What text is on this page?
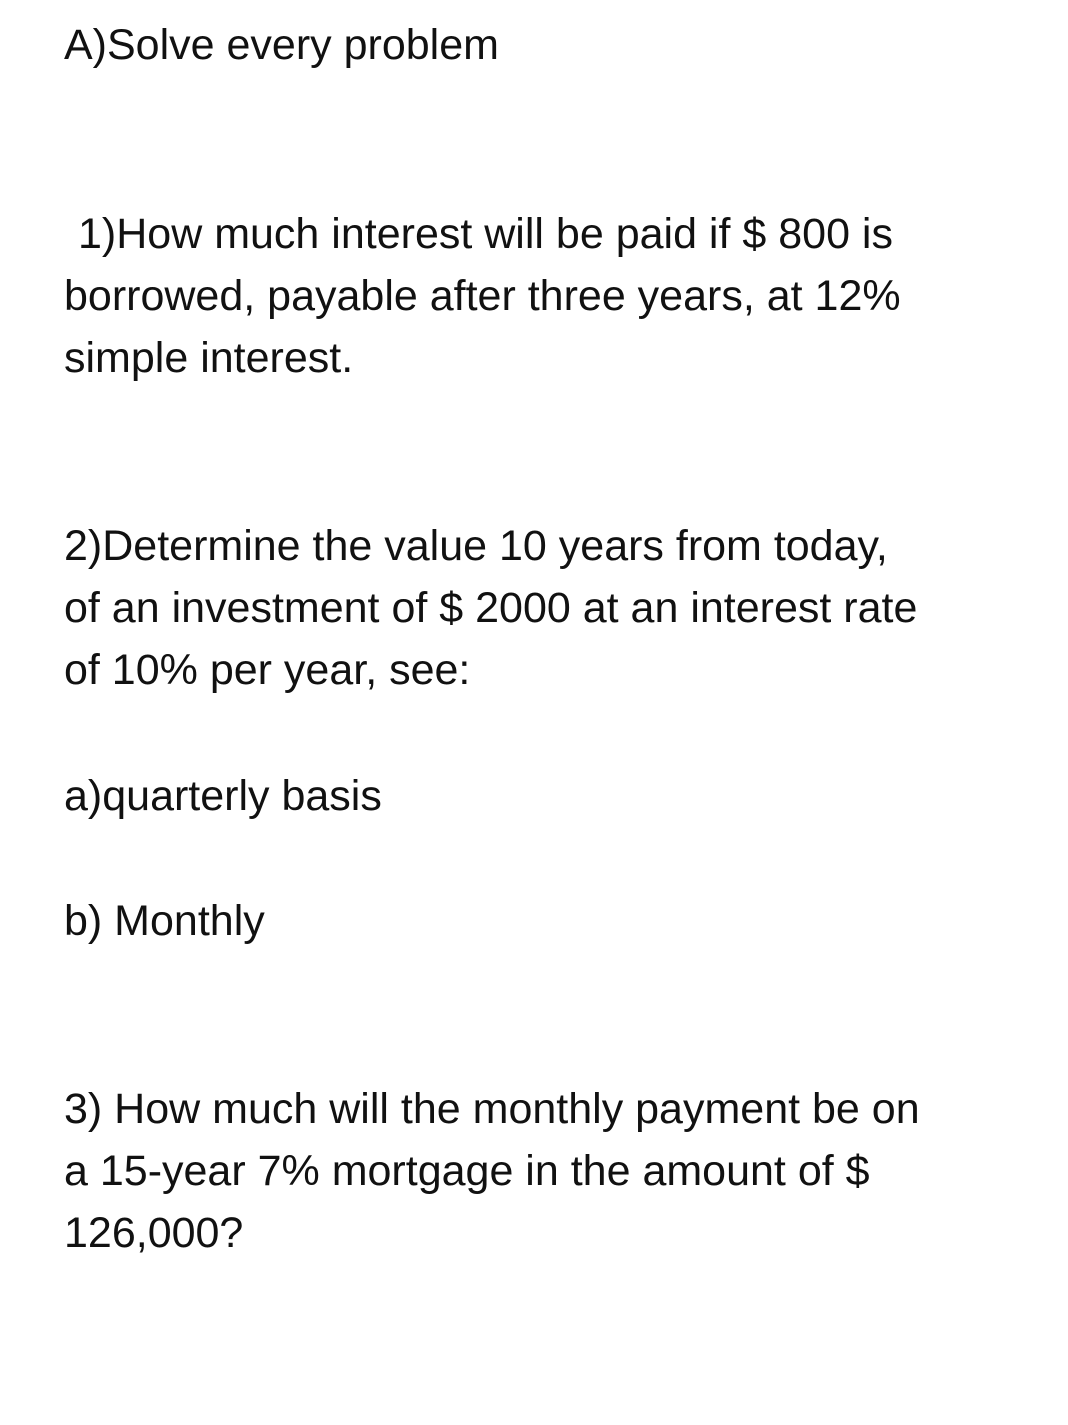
A)Solve every problem

1)How much interest will be paid if $ 800 is

borrowed, payable after three years, at 12%

simple interest.

2)Determine the value 10 years from today,

of an investment of $ 2000 at an interest rate

of 10% per year, see:

a)quarterly basis

b) Monthly

3) How much will the monthly payment be on

a 15-year 7% mortgage in the amount of $

126,000?
